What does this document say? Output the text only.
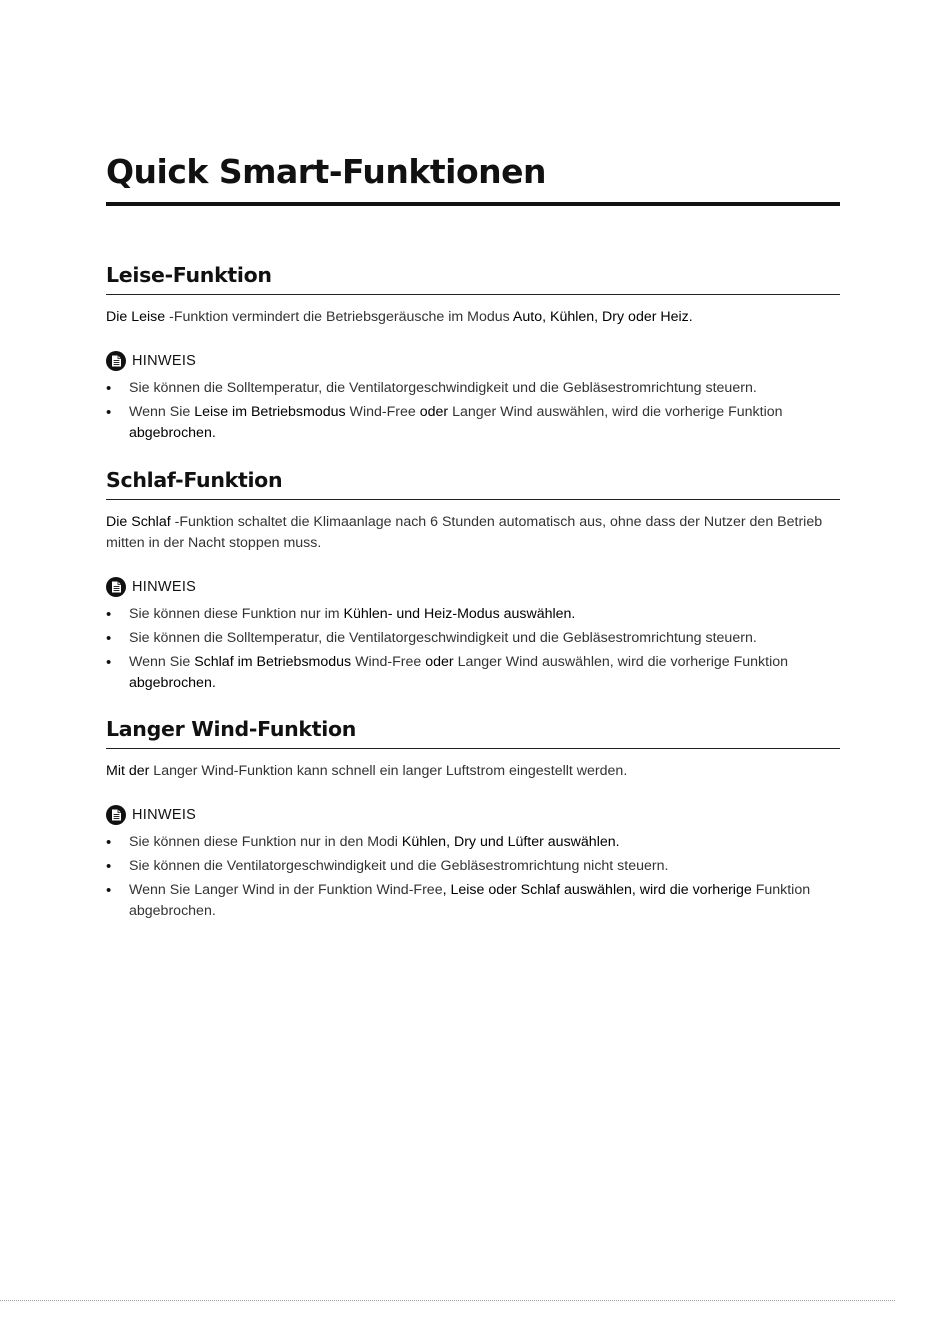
Quick Smart-Funktionen
Leise-Funktion

Die Leise -Funktion vermindert die Betriebsgeräusche im Modus Auto, Kühlen, Dry oder Heiz.

HINWEIS
• Sie können die Solltemperatur, die Ventilatorgeschwindigkeit und die Gebläsestromrichtung steuern.
• Wenn Sie Leise im Betriebsmodus Wind-Free oder Langer Wind auswählen, wird die vorherige Funktion abgebrochen.
Schlaf-Funktion

Die Schlaf -Funktion schaltet die Klimaanlage nach 6 Stunden automatisch aus, ohne dass der Nutzer den Betrieb mitten in der Nacht stoppen muss.

HINWEIS
• Sie können diese Funktion nur im Kühlen- und Heiz-Modus auswählen.
• Sie können die Solltemperatur, die Ventilatorgeschwindigkeit und die Gebläsestromrichtung steuern.
• Wenn Sie Schlaf im Betriebsmodus Wind-Free oder Langer Wind auswählen, wird die vorherige Funktion abgebrochen.
Langer Wind-Funktion

Mit der Langer Wind-Funktion kann schnell ein langer Luftstrom eingestellt werden.

HINWEIS
• Sie können diese Funktion nur in den Modi Kühlen, Dry und Lüfter auswählen.
• Sie können die Ventilatorgeschwindigkeit und die Gebläsestromrichtung nicht steuern.
• Wenn Sie Langer Wind in der Funktion Wind-Free, Leise oder Schlaf auswählen, wird die vorherige Funktion abgebrochen.
